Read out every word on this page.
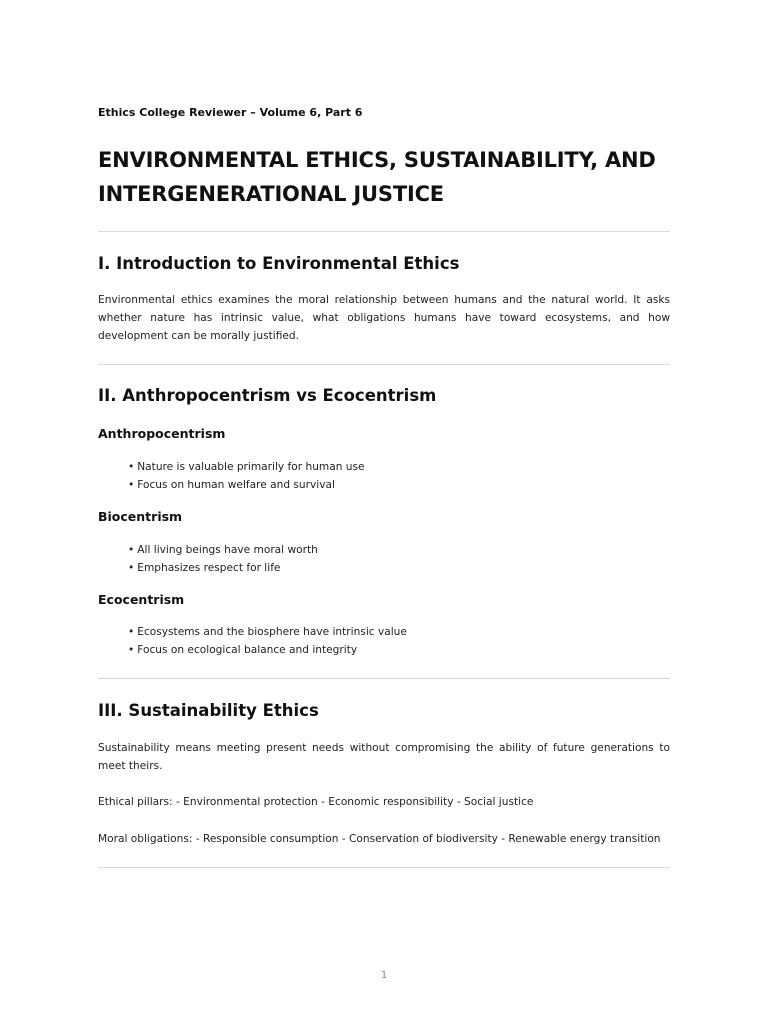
Ethics College Reviewer – Volume 6, Part 6
ENVIRONMENTAL ETHICS, SUSTAINABILITY, AND INTERGENERATIONAL JUSTICE
I. Introduction to Environmental Ethics

Environmental ethics examines the moral relationship between humans and the natural world. It asks whether nature has intrinsic value, what obligations humans have toward ecosystems, and how development can be morally justified.

II. Anthropocentrism vs Ecocentrism
Anthropocentrism
• Nature is valuable primarily for human use
• Focus on human welfare and survival
Biocentrism
• All living beings have moral worth
• Emphasizes respect for life
Ecocentrism
• Ecosystems and the biosphere have intrinsic value
• Focus on ecological balance and integrity
III. Sustainability Ethics

Sustainability means meeting present needs without compromising the ability of future generations to meet theirs.

Ethical pillars: - Environmental protection - Economic responsibility - Social justice

Moral obligations: - Responsible consumption - Conservation of biodiversity - Renewable energy transition

1
